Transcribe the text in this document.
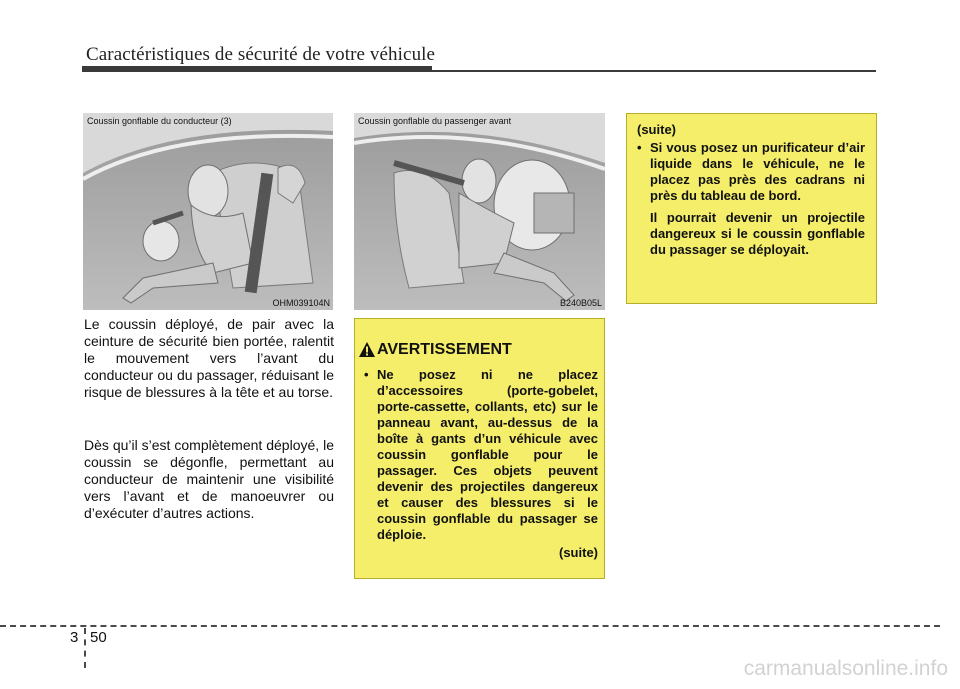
Caractéristiques de sécurité de votre véhicule
Coussin gonflable du conducteur (3)
OHM039104N
Coussin gonflable du passenger avant
B240B05L
Le coussin déployé, de pair avec la ceinture de sécurité bien portée, ralentit le mouvement vers l’avant du conducteur ou du passager, réduisant le risque de blessures à la tête et au torse.
Dès qu’il s’est complètement déployé, le coussin se dégonfle, permettant au conducteur de maintenir une visibilité vers l’avant et de manoeuvrer ou d’exécuter d’autres actions.
(suite)
• Si vous posez un purificateur d’air liquide dans le véhicule, ne le placez pas près des cadrans ni près du tableau de bord.
Il pourrait devenir un projectile dangereux si le coussin gonflable du passager se déployait.
AVERTISSEMENT
• Ne posez ni ne placez d’accessoires (porte-gobelet, porte-cassette, collants, etc) sur le panneau avant, au-dessus de la boîte à gants d’un véhicule avec coussin gonflable pour le passager. Ces objets peuvent devenir des projectiles dangereux et causer des blessures si le coussin gonflable du passager se déploie.
(suite)
3 50
carmanualsonline.info
